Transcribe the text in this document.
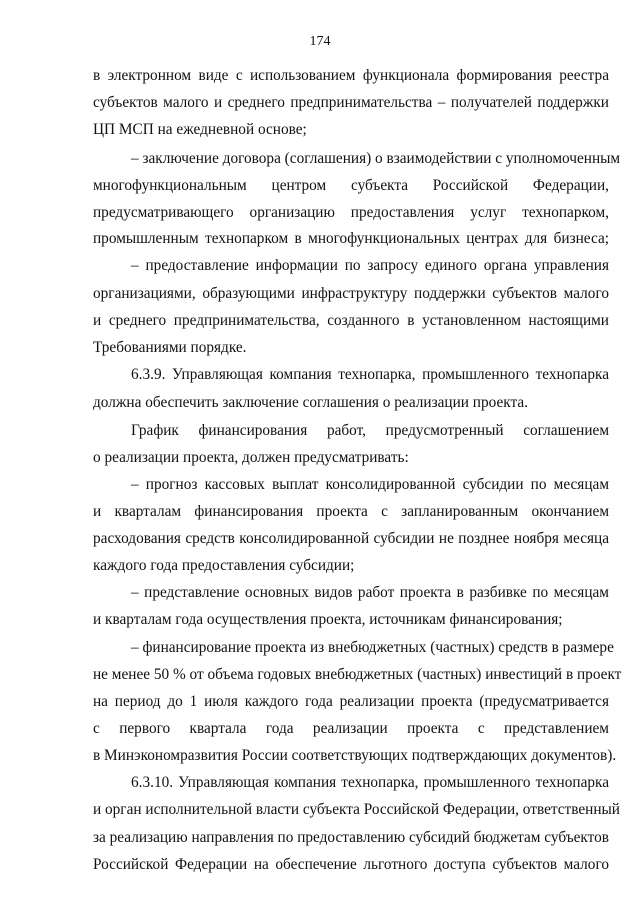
174
в электронном виде с использованием функционала формирования реестра
субъектов малого и среднего предпринимательства – получателей поддержки
ЦП МСП на ежедневной основе;
– заключение договора (соглашения) о взаимодействии с уполномоченным
многофункциональным центром субъекта Российской Федерации,
предусматривающего организацию предоставления услуг технопарком,
промышленным технопарком в многофункциональных центрах для бизнеса;
– предоставление информации по запросу единого органа управления
организациями, образующими инфраструктуру поддержки субъектов малого
и среднего предпринимательства, созданного в установленном настоящими
Требованиями порядке.
6.3.9. Управляющая компания технопарка, промышленного технопарка
должна обеспечить заключение соглашения о реализации проекта.
График финансирования работ, предусмотренный соглашением
о реализации проекта, должен предусматривать:
– прогноз кассовых выплат консолидированной субсидии по месяцам
и кварталам финансирования проекта с запланированным окончанием
расходования средств консолидированной субсидии не позднее ноября месяца
каждого года предоставления субсидии;
– представление основных видов работ проекта в разбивке по месяцам
и кварталам года осуществления проекта, источникам финансирования;
– финансирование проекта из внебюджетных (частных) средств в размере
не менее 50 % от объема годовых внебюджетных (частных) инвестиций в проект
на период до 1 июля каждого года реализации проекта (предусматривается
с первого квартала года реализации проекта с представлением
в Минэкономразвития России соответствующих подтверждающих документов).
6.3.10. Управляющая компания технопарка, промышленного технопарка
и орган исполнительной власти субъекта Российской Федерации, ответственный
за реализацию направления по предоставлению субсидий бюджетам субъектов
Российской Федерации на обеспечение льготного доступа субъектов малого
